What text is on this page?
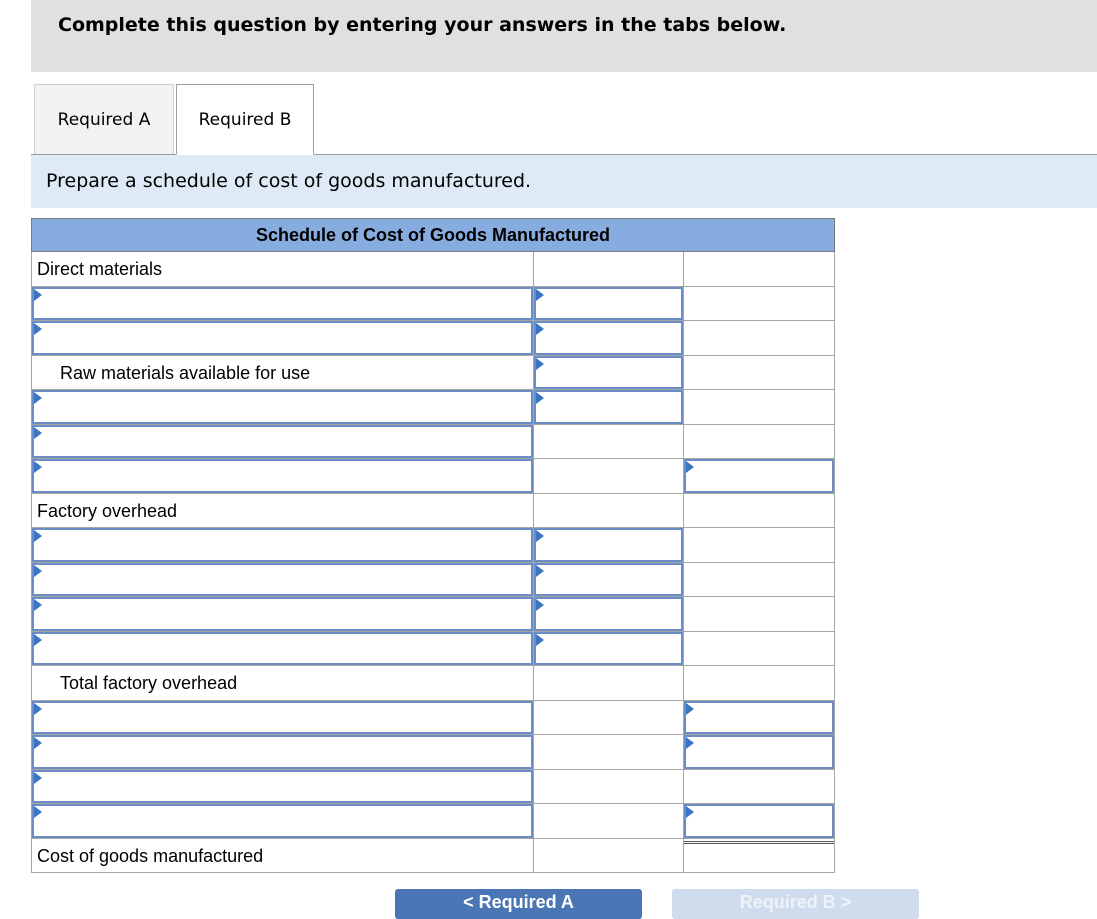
Complete this question by entering your answers in the tabs below.
Required A	Required B
Prepare a schedule of cost of goods manufactured.
Schedule of Cost of Goods Manufactured
Direct materials
Raw materials available for use
Factory overhead
Total factory overhead
Cost of goods manufactured
< Required A	Required B >
